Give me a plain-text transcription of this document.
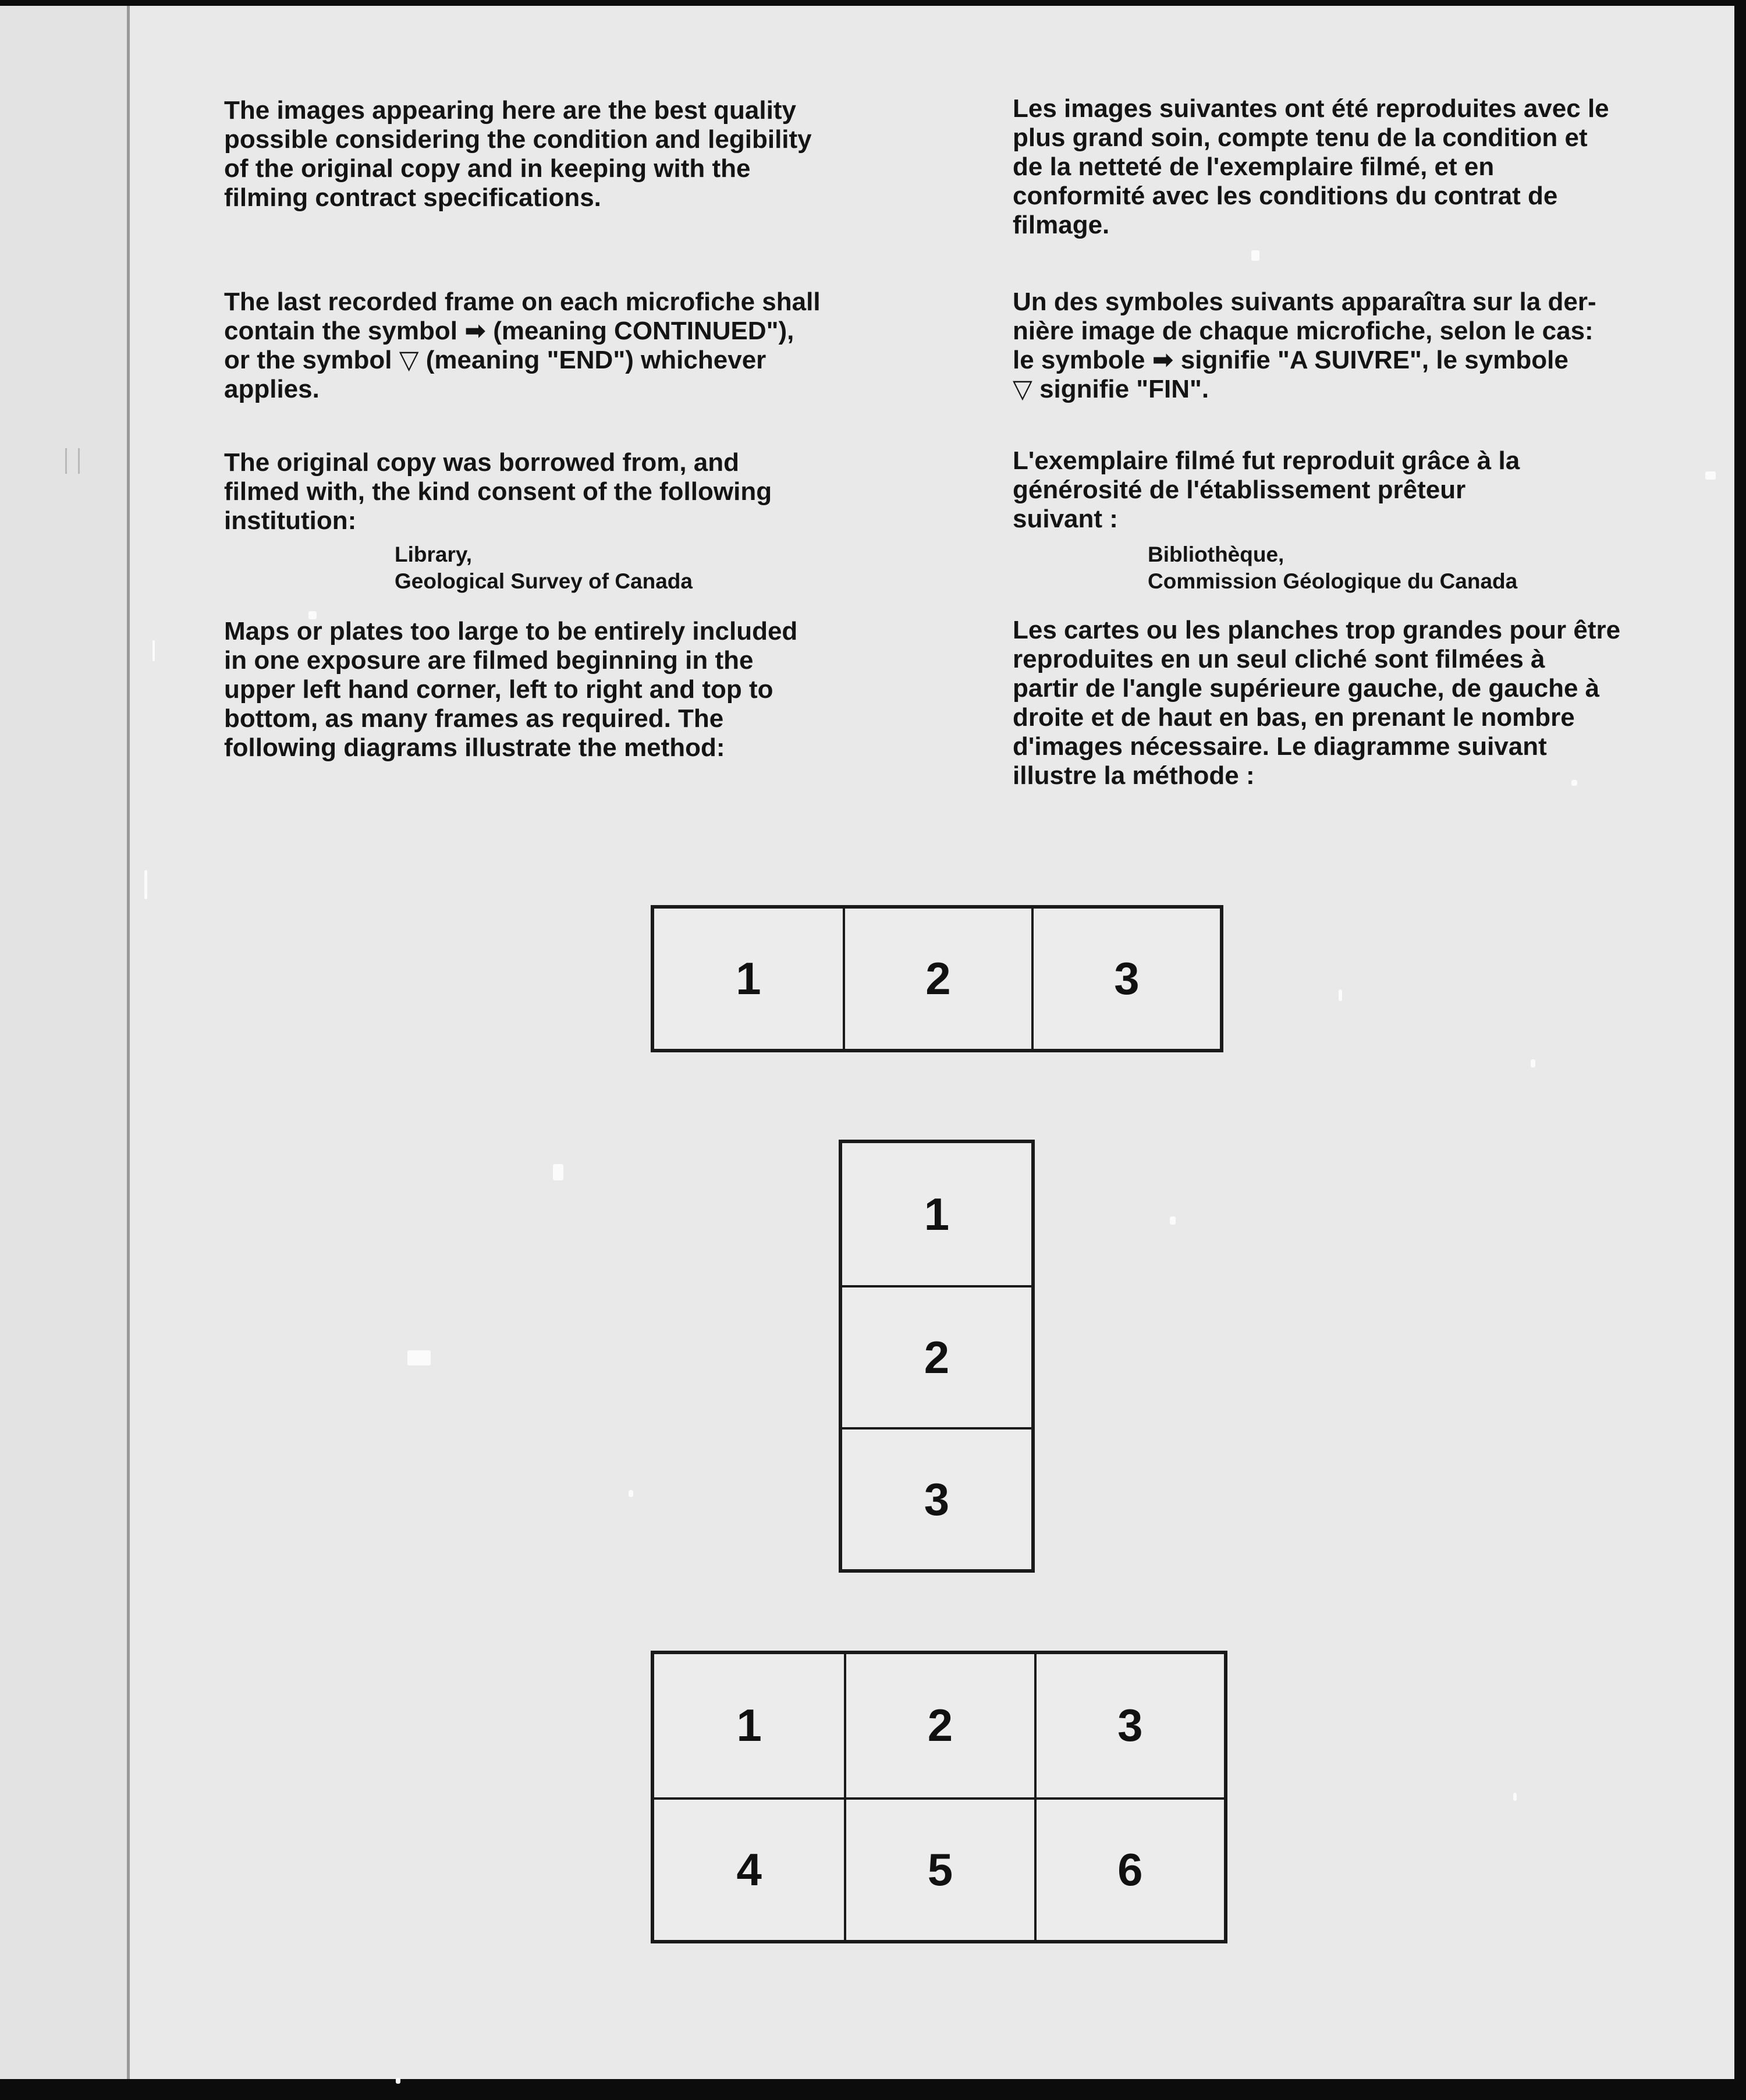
The images appearing here are the best quality
possible considering the condition and legibility
of the original copy and in keeping with the
filming contract specifications.

The last recorded frame on each microfiche shall
contain the symbol ➡ (meaning CONTINUED"),
or the symbol ▽ (meaning "END") whichever
applies.

The original copy was borrowed from, and
filmed with, the kind consent of the following
institution:

Library,
Geological Survey of Canada

Maps or plates too large to be entirely included
in one exposure are filmed beginning in the
upper left hand corner, left to right and top to
bottom, as many frames as required. The
following diagrams illustrate the method:

Les images suivantes ont été reproduites avec le
plus grand soin, compte tenu de la condition et
de la netteté de l'exemplaire filmé, et en
conformité avec les conditions du contrat de
filmage.

Un des symboles suivants apparaîtra sur la der-
nière image de chaque microfiche, selon le cas:
le symbole ➡ signifie "A SUIVRE", le symbole
▽ signifie "FIN".

L'exemplaire filmé fut reproduit grâce à la
générosité de l'établissement prêteur
suivant :

Bibliothèque,
Commission Géologique du Canada

Les cartes ou les planches trop grandes pour être
reproduites en un seul cliché sont filmées à
partir de l'angle supérieure gauche, de gauche à
droite et de haut en bas, en prenant le nombre
d'images nécessaire. Le diagramme suivant
illustre la méthode :

1	2	3
1
2
3
1	2	3
4	5	6
